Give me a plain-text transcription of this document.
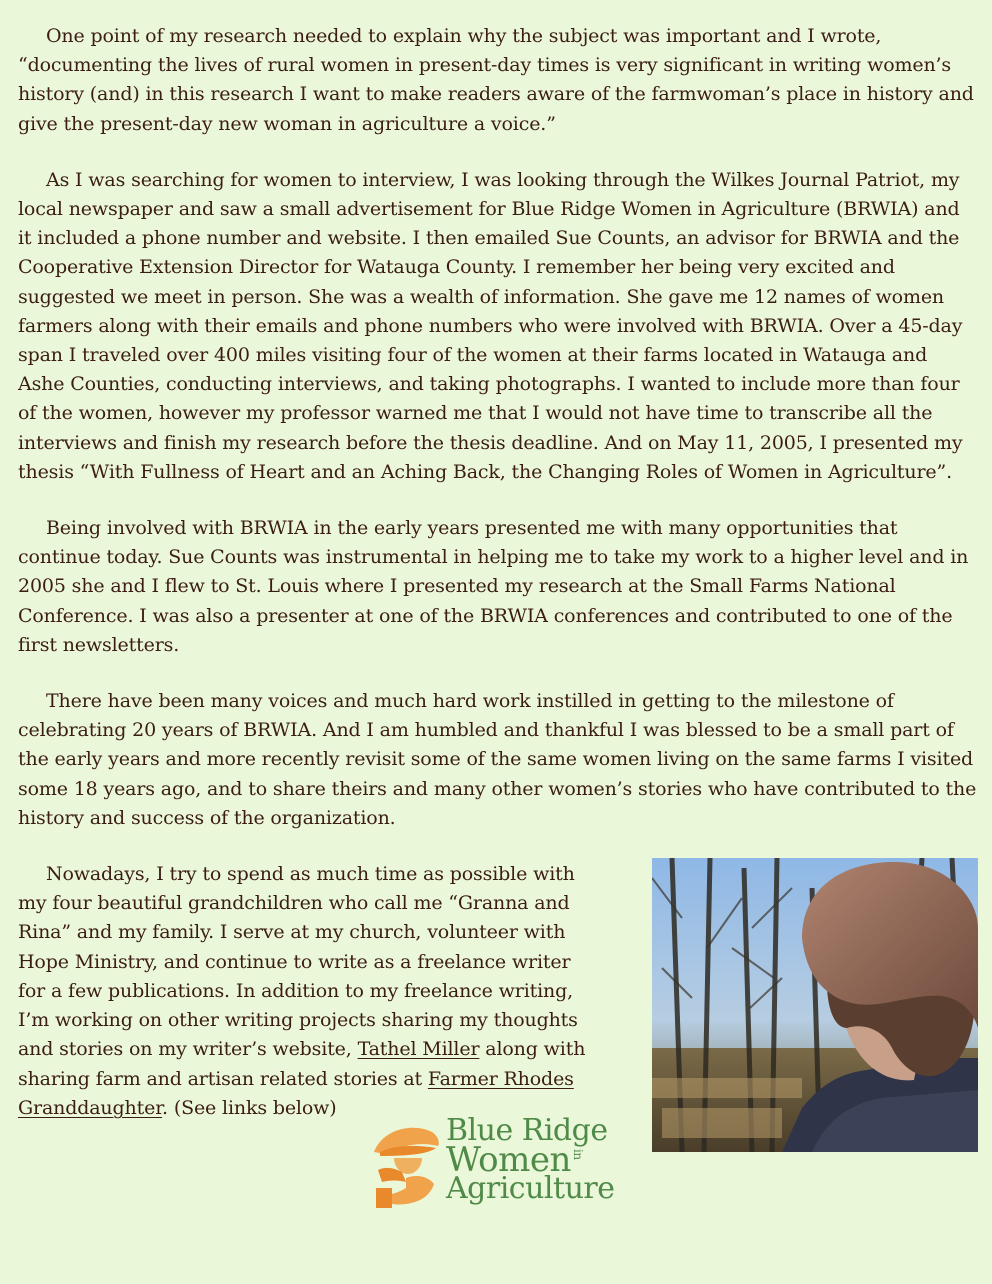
One point of my research needed to explain why the subject was important and I wrote, “documenting the lives of rural women in present-day times is very significant in writing women’s history (and) in this research I want to make readers aware of the farmwoman’s place in history and give the present-day new woman in agriculture a voice.”

As I was searching for women to interview, I was looking through the Wilkes Journal Patriot, my local newspaper and saw a small advertisement for Blue Ridge Women in Agriculture (BRWIA) and it included a phone number and website. I then emailed Sue Counts, an advisor for BRWIA and the Cooperative Extension Director for Watauga County. I remember her being very excited and suggested we meet in person. She was a wealth of information. She gave me 12 names of women farmers along with their emails and phone numbers who were involved with BRWIA. Over a 45-day span I traveled over 400 miles visiting four of the women at their farms located in Watauga and Ashe Counties, conducting interviews, and taking photographs. I wanted to include more than four of the women, however my professor warned me that I would not have time to transcribe all the interviews and finish my research before the thesis deadline. And on May 11, 2005, I presented my thesis “With Fullness of Heart and an Aching Back, the Changing Roles of Women in Agriculture”.

Being involved with BRWIA in the early years presented me with many opportunities that continue today. Sue Counts was instrumental in helping me to take my work to a higher level and in 2005 she and I flew to St. Louis where I presented my research at the Small Farms National Conference. I was also a presenter at one of the BRWIA conferences and contributed to one of the first newsletters.

There have been many voices and much hard work instilled in getting to the milestone of celebrating 20 years of BRWIA. And I am humbled and thankful I was blessed to be a small part of the early years and more recently revisit some of the same women living on the same farms I visited some 18 years ago, and to share theirs and many other women’s stories who have contributed to the history and success of the organization.

Nowadays, I try to spend as much time as possible with my four beautiful grandchildren who call me “Granna and Rina” and my family. I serve at my church, volunteer with Hope Ministry, and continue to write as a freelance writer for a few publications. In addition to my freelance writing, I’m working on other writing projects sharing my thoughts and stories on my writer’s website, Tathel Miller along with sharing farm and artisan related stories at Farmer Rhodes Granddaughter. (See links below)

Blue Ridge
Womenin
Agriculture
